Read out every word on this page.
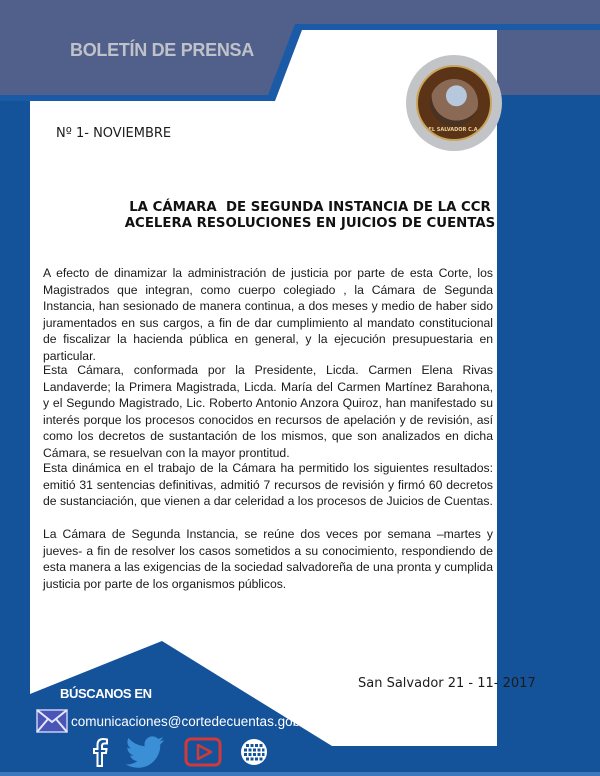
BOLETÍN DE PRENSA
EL SALVADOR C.A.
Nº 1- NOVIEMBRE
LA CÁMARA  DE SEGUNDA INSTANCIA DE LA CCR
ACELERA RESOLUCIONES EN JUICIOS DE CUENTAS
A efecto de dinamizar la administración de justicia por parte de esta Corte, los Magistrados que integran, como cuerpo colegiado , la Cámara de Segunda Instancia, han sesionado de manera continua, a dos meses y medio de haber sido juramentados en sus cargos, a fin de dar cumplimiento al mandato constitucional de fiscalizar la hacienda pública en general, y la ejecución presupuestaria en particular.
Esta Cámara, conformada por la Presidente, Licda. Carmen Elena Rivas Landaverde; la Primera Magistrada, Licda. María del Carmen Martínez Barahona, y el Segundo Magistrado, Lic. Roberto Antonio Anzora Quiroz, han manifestado su interés porque los procesos conocidos en recursos de apelación y de revisión, así como los decretos de sustantación de los mismos, que son analizados en dicha Cámara, se resuelvan con la mayor prontitud.
Esta dinámica en el trabajo de la Cámara ha permitido los siguientes resultados: emitió 31 sentencias definitivas, admitió 7 recursos de revisión y firmó 60 decretos de sustanciación, que vienen a dar celeridad a los procesos de Juicios de Cuentas.
La Cámara de Segunda Instancia, se reúne dos veces por semana –martes y jueves- a fin de resolver los casos sometidos a su conocimiento, respondiendo de esta manera a las exigencias de la sociedad salvadoreña de una pronta y cumplida justicia por parte de los organismos públicos.
San Salvador 21 - 11- 2017
BÚSCANOS EN
comunicaciones@cortedecuentas.gob.sv
